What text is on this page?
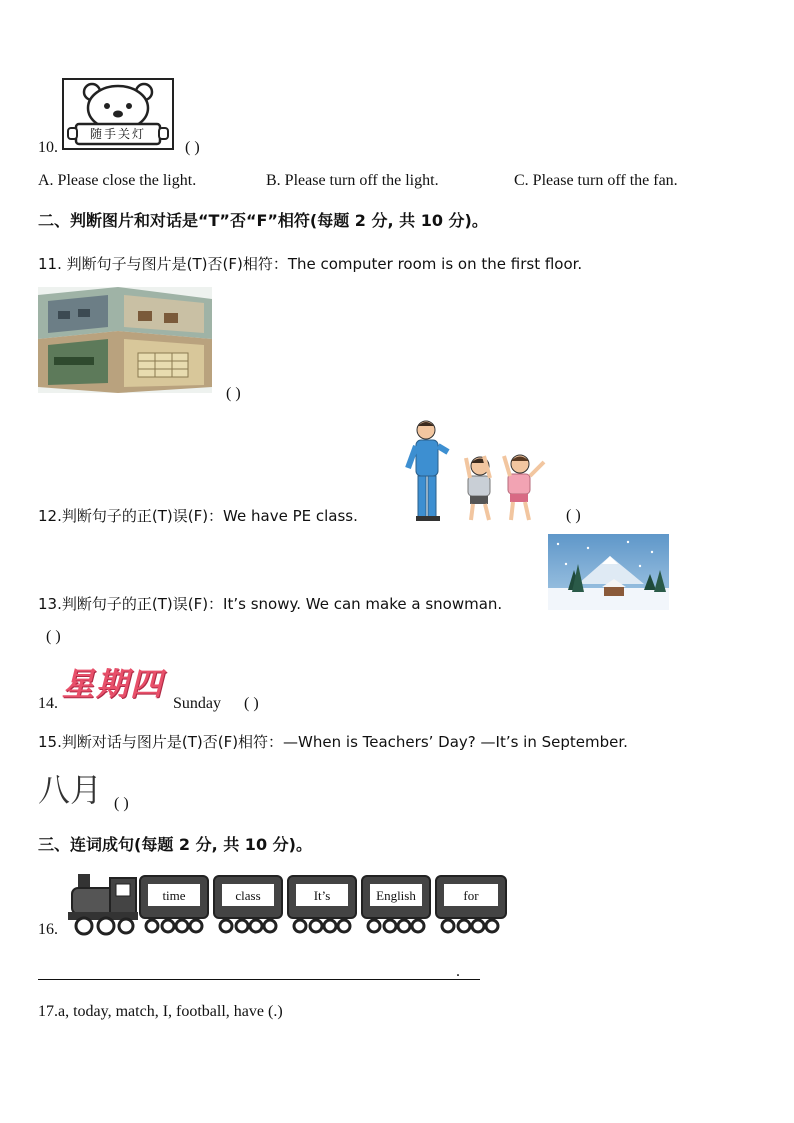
随手关灯
10.	( )
A. Please close the light.	B. Please turn off the light.	C. Please turn off the fan.
二、判断图片和对话是“T”否“F”相符(每题 2 分, 共 10 分)。
11. 判断句子与图片是(T)否(F)相符：The computer room is on the first floor.
( )
12.判断句子的正(T)误(F)：We have PE class.	( )
13.判断句子的正(T)误(F)：It’s snowy. We can make a snowman.
( )
14.
星期四
Sunday ( )
15.判断对话与图片是(T)否(F)相符：—When is Teachers’ Day? —It’s in September.
八月 ( )
三、连词成句(每题 2 分, 共 10 分)。
16.
time	class	It’s	English	for
.
17.a, today, match, I, football, have (.)
